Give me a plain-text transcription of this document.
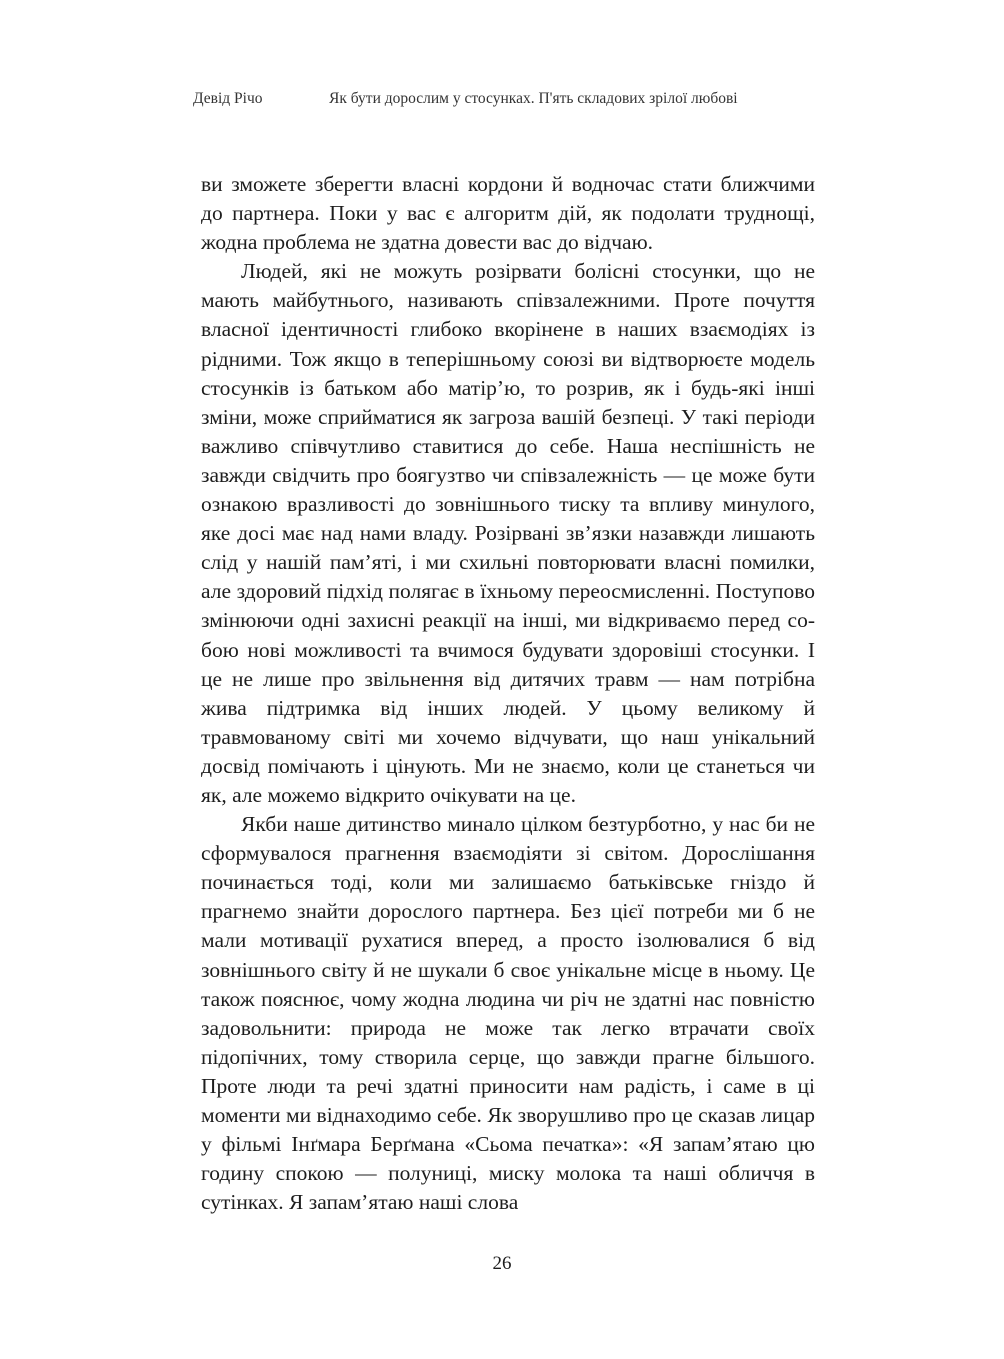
Девід Річо	Як бути дорослим у стосунках. П'ять складових зрілої любові

ви зможете зберегти власні кордони й водночас стати ближчими до партнера. Поки у вас є алгоритм дій, як подолати труднощі, жодна проблема не здатна довести вас до відчаю.

Людей, які не можуть розірвати болісні стосунки, що не мають майбутнього, називають співзалежними. Проте почуття власної ідентичності глибоко вкорінене в наших взаємодіях із рідними. Тож якщо в теперішньому союзі ви відтворюєте модель стосунків із батьком або матір’ю, то розрив, як і будь-які інші зміни, може сприйматися як загроза вашій безпеці. У такі періоди важливо співчутливо ставитися до себе. Наша неспішність не завжди свідчить про боягузтво чи співзалежність — це може бути ознакою вразливості до зовнішнього тиску та впливу минулого, яке досі має над нами владу. Розірвані зв’язки назавжди лишають слід у нашій пам’яті, і ми схильні повторювати власні помилки, але здоровий підхід полягає в їхньому переосмисленні. Поступово змінюючи одні захисні реакції на інші, ми відкриваємо перед собою нові можливості та вчимося будувати здоровіші стосунки. І це не лише про звільнення від дитячих травм — нам потрібна жива підтримка від інших людей. У цьому великому й травмованому світі ми хочемо відчувати, що наш унікальний досвід помічають і цінують. Ми не знаємо, коли це станеться чи як, але можемо відкрито очікувати на це.

Якби наше дитинство минало цілком безтурботно, у нас би не сформувалося прагнення взаємодіяти зі світом. Дорослішання починається тоді, коли ми залишаємо батьківське гніздо й прагнемо знайти дорослого партнера. Без цієї потреби ми б не мали мотивації рухатися вперед, а просто ізолювалися б від зовнішнього світу й не шукали б своє унікальне місце в ньому. Це також пояснює, чому жодна людина чи річ не здатні нас повністю задовольнити: природа не може так легко втрачати своїх підопічних, тому створила серце, що завжди прагне більшого. Проте люди та речі здатні приносити нам радість, і саме в ці моменти ми віднаходимо себе. Як зворушливо про це сказав лицар у фільмі Інґмара Берґмана «Сьома печатка»: «Я запам’ятаю цю годину спокою — полуниці, миску молока та наші обличчя в сутінках. Я запам’ятаю наші слова

26
